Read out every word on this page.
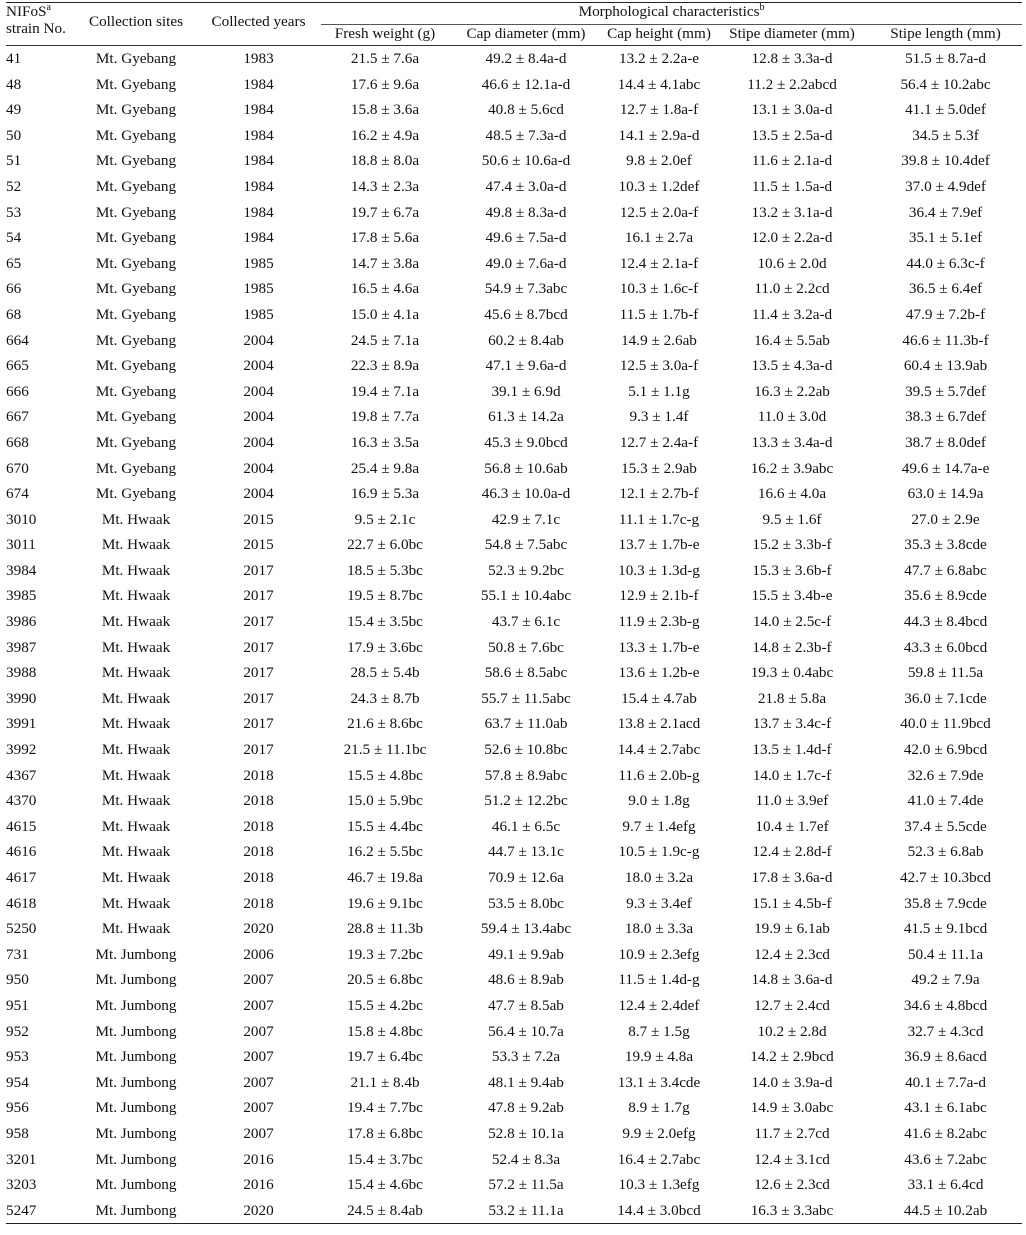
NIFoS$^a$
strain No.	Collection sites	Collected years	Morphological characteristics$^b$
			Fresh weight (g)	Cap diameter (mm)	Cap height (mm)	Stipe diameter (mm)	Stipe length (mm)
41	Mt. Gyebang	1983	21.5 ± 7.6a	49.2 ± 8.4a-d	13.2 ± 2.2a-e	12.8 ± 3.3a-d	51.5 ± 8.7a-d
48	Mt. Gyebang	1984	17.6 ± 9.6a	46.6 ± 12.1a-d	14.4 ± 4.1abc	11.2 ± 2.2abcd	56.4 ± 10.2abc
49	Mt. Gyebang	1984	15.8 ± 3.6a	40.8 ± 5.6cd	12.7 ± 1.8a-f	13.1 ± 3.0a-d	41.1 ± 5.0def
50	Mt. Gyebang	1984	16.2 ± 4.9a	48.5 ± 7.3a-d	14.1 ± 2.9a-d	13.5 ± 2.5a-d	34.5 ± 5.3f
51	Mt. Gyebang	1984	18.8 ± 8.0a	50.6 ± 10.6a-d	9.8 ± 2.0ef	11.6 ± 2.1a-d	39.8 ± 10.4def
52	Mt. Gyebang	1984	14.3 ± 2.3a	47.4 ± 3.0a-d	10.3 ± 1.2def	11.5 ± 1.5a-d	37.0 ± 4.9def
53	Mt. Gyebang	1984	19.7 ± 6.7a	49.8 ± 8.3a-d	12.5 ± 2.0a-f	13.2 ± 3.1a-d	36.4 ± 7.9ef
54	Mt. Gyebang	1984	17.8 ± 5.6a	49.6 ± 7.5a-d	16.1 ± 2.7a	12.0 ± 2.2a-d	35.1 ± 5.1ef
65	Mt. Gyebang	1985	14.7 ± 3.8a	49.0 ± 7.6a-d	12.4 ± 2.1a-f	10.6 ± 2.0d	44.0 ± 6.3c-f
66	Mt. Gyebang	1985	16.5 ± 4.6a	54.9 ± 7.3abc	10.3 ± 1.6c-f	11.0 ± 2.2cd	36.5 ± 6.4ef
68	Mt. Gyebang	1985	15.0 ± 4.1a	45.6 ± 8.7bcd	11.5 ± 1.7b-f	11.4 ± 3.2a-d	47.9 ± 7.2b-f
664	Mt. Gyebang	2004	24.5 ± 7.1a	60.2 ± 8.4ab	14.9 ± 2.6ab	16.4 ± 5.5ab	46.6 ± 11.3b-f
665	Mt. Gyebang	2004	22.3 ± 8.9a	47.1 ± 9.6a-d	12.5 ± 3.0a-f	13.5 ± 4.3a-d	60.4 ± 13.9ab
666	Mt. Gyebang	2004	19.4 ± 7.1a	39.1 ± 6.9d	5.1 ± 1.1g	16.3 ± 2.2ab	39.5 ± 5.7def
667	Mt. Gyebang	2004	19.8 ± 7.7a	61.3 ± 14.2a	9.3 ± 1.4f	11.0 ± 3.0d	38.3 ± 6.7def
668	Mt. Gyebang	2004	16.3 ± 3.5a	45.3 ± 9.0bcd	12.7 ± 2.4a-f	13.3 ± 3.4a-d	38.7 ± 8.0def
670	Mt. Gyebang	2004	25.4 ± 9.8a	56.8 ± 10.6ab	15.3 ± 2.9ab	16.2 ± 3.9abc	49.6 ± 14.7a-e
674	Mt. Gyebang	2004	16.9 ± 5.3a	46.3 ± 10.0a-d	12.1 ± 2.7b-f	16.6 ± 4.0a	63.0 ± 14.9a
3010	Mt. Hwaak	2015	9.5 ± 2.1c	42.9 ± 7.1c	11.1 ± 1.7c-g	9.5 ± 1.6f	27.0 ± 2.9e
3011	Mt. Hwaak	2015	22.7 ± 6.0bc	54.8 ± 7.5abc	13.7 ± 1.7b-e	15.2 ± 3.3b-f	35.3 ± 3.8cde
3984	Mt. Hwaak	2017	18.5 ± 5.3bc	52.3 ± 9.2bc	10.3 ± 1.3d-g	15.3 ± 3.6b-f	47.7 ± 6.8abc
3985	Mt. Hwaak	2017	19.5 ± 8.7bc	55.1 ± 10.4abc	12.9 ± 2.1b-f	15.5 ± 3.4b-e	35.6 ± 8.9cde
3986	Mt. Hwaak	2017	15.4 ± 3.5bc	43.7 ± 6.1c	11.9 ± 2.3b-g	14.0 ± 2.5c-f	44.3 ± 8.4bcd
3987	Mt. Hwaak	2017	17.9 ± 3.6bc	50.8 ± 7.6bc	13.3 ± 1.7b-e	14.8 ± 2.3b-f	43.3 ± 6.0bcd
3988	Mt. Hwaak	2017	28.5 ± 5.4b	58.6 ± 8.5abc	13.6 ± 1.2b-e	19.3 ± 0.4abc	59.8 ± 11.5a
3990	Mt. Hwaak	2017	24.3 ± 8.7b	55.7 ± 11.5abc	15.4 ± 4.7ab	21.8 ± 5.8a	36.0 ± 7.1cde
3991	Mt. Hwaak	2017	21.6 ± 8.6bc	63.7 ± 11.0ab	13.8 ± 2.1acd	13.7 ± 3.4c-f	40.0 ± 11.9bcd
3992	Mt. Hwaak	2017	21.5 ± 11.1bc	52.6 ± 10.8bc	14.4 ± 2.7abc	13.5 ± 1.4d-f	42.0 ± 6.9bcd
4367	Mt. Hwaak	2018	15.5 ± 4.8bc	57.8 ± 8.9abc	11.6 ± 2.0b-g	14.0 ± 1.7c-f	32.6 ± 7.9de
4370	Mt. Hwaak	2018	15.0 ± 5.9bc	51.2 ± 12.2bc	9.0 ± 1.8g	11.0 ± 3.9ef	41.0 ± 7.4de
4615	Mt. Hwaak	2018	15.5 ± 4.4bc	46.1 ± 6.5c	9.7 ± 1.4efg	10.4 ± 1.7ef	37.4 ± 5.5cde
4616	Mt. Hwaak	2018	16.2 ± 5.5bc	44.7 ± 13.1c	10.5 ± 1.9c-g	12.4 ± 2.8d-f	52.3 ± 6.8ab
4617	Mt. Hwaak	2018	46.7 ± 19.8a	70.9 ± 12.6a	18.0 ± 3.2a	17.8 ± 3.6a-d	42.7 ± 10.3bcd
4618	Mt. Hwaak	2018	19.6 ± 9.1bc	53.5 ± 8.0bc	9.3 ± 3.4ef	15.1 ± 4.5b-f	35.8 ± 7.9cde
5250	Mt. Hwaak	2020	28.8 ± 11.3b	59.4 ± 13.4abc	18.0 ± 3.3a	19.9 ± 6.1ab	41.5 ± 9.1bcd
731	Mt. Jumbong	2006	19.3 ± 7.2bc	49.1 ± 9.9ab	10.9 ± 2.3efg	12.4 ± 2.3cd	50.4 ± 11.1a
950	Mt. Jumbong	2007	20.5 ± 6.8bc	48.6 ± 8.9ab	11.5 ± 1.4d-g	14.8 ± 3.6a-d	49.2 ± 7.9a
951	Mt. Jumbong	2007	15.5 ± 4.2bc	47.7 ± 8.5ab	12.4 ± 2.4def	12.7 ± 2.4cd	34.6 ± 4.8bcd
952	Mt. Jumbong	2007	15.8 ± 4.8bc	56.4 ± 10.7a	8.7 ± 1.5g	10.2 ± 2.8d	32.7 ± 4.3cd
953	Mt. Jumbong	2007	19.7 ± 6.4bc	53.3 ± 7.2a	19.9 ± 4.8a	14.2 ± 2.9bcd	36.9 ± 8.6acd
954	Mt. Jumbong	2007	21.1 ± 8.4b	48.1 ± 9.4ab	13.1 ± 3.4cde	14.0 ± 3.9a-d	40.1 ± 7.7a-d
956	Mt. Jumbong	2007	19.4 ± 7.7bc	47.8 ± 9.2ab	8.9 ± 1.7g	14.9 ± 3.0abc	43.1 ± 6.1abc
958	Mt. Jumbong	2007	17.8 ± 6.8bc	52.8 ± 10.1a	9.9 ± 2.0efg	11.7 ± 2.7cd	41.6 ± 8.2abc
3201	Mt. Jumbong	2016	15.4 ± 3.7bc	52.4 ± 8.3a	16.4 ± 2.7abc	12.4 ± 3.1cd	43.6 ± 7.2abc
3203	Mt. Jumbong	2016	15.4 ± 4.6bc	57.2 ± 11.5a	10.3 ± 1.3efg	12.6 ± 2.3cd	33.1 ± 6.4cd
5247	Mt. Jumbong	2020	24.5 ± 8.4ab	53.2 ± 11.1a	14.4 ± 3.0bcd	16.3 ± 3.3abc	44.5 ± 10.2ab
